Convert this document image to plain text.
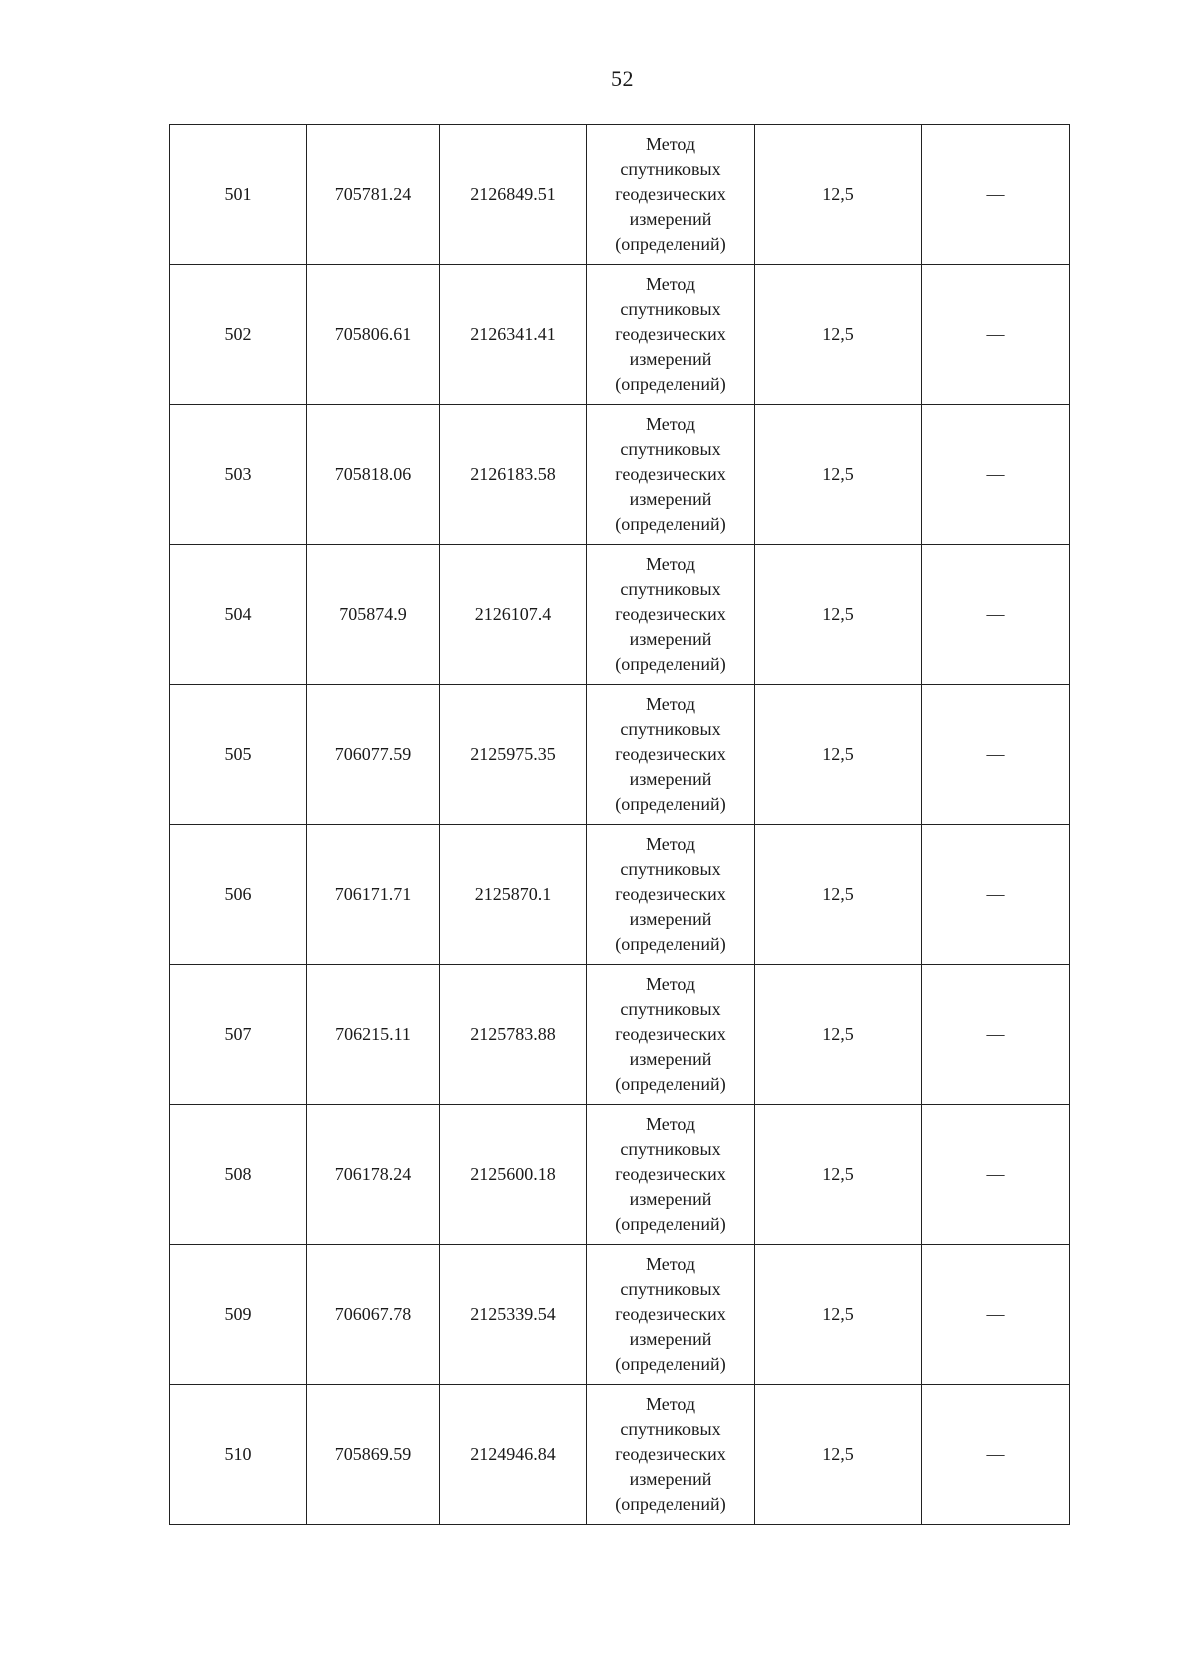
52
501	705781.24	2126849.51	Метод
спутниковых
геодезических
измерений
(определений)	12,5	—
502	705806.61	2126341.41	Метод
спутниковых
геодезических
измерений
(определений)	12,5	—
503	705818.06	2126183.58	Метод
спутниковых
геодезических
измерений
(определений)	12,5	—
504	705874.9	2126107.4	Метод
спутниковых
геодезических
измерений
(определений)	12,5	—
505	706077.59	2125975.35	Метод
спутниковых
геодезических
измерений
(определений)	12,5	—
506	706171.71	2125870.1	Метод
спутниковых
геодезических
измерений
(определений)	12,5	—
507	706215.11	2125783.88	Метод
спутниковых
геодезических
измерений
(определений)	12,5	—
508	706178.24	2125600.18	Метод
спутниковых
геодезических
измерений
(определений)	12,5	—
509	706067.78	2125339.54	Метод
спутниковых
геодезических
измерений
(определений)	12,5	—
510	705869.59	2124946.84	Метод
спутниковых
геодезических
измерений
(определений)	12,5	—
